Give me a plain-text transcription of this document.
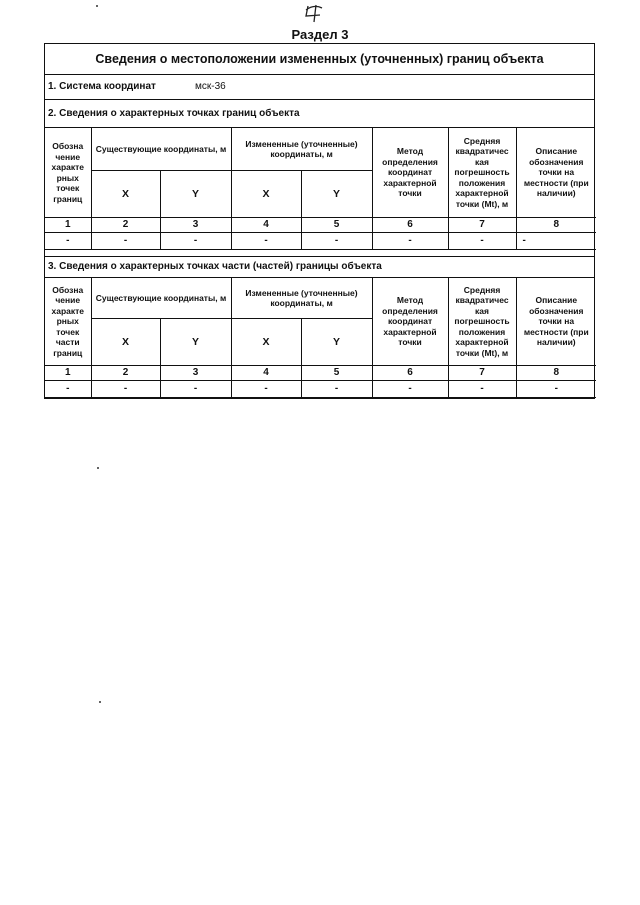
Раздел 3
Сведения о местоположении измененных (уточненных) границ объекта
1. Система координат	мск-36
2. Сведения о характерных точках границ объекта
Обозна чение характе рных точек границ	Существующие координаты, м		Измененные (уточненные) координаты, м		Метод определения координат характерной точки	Средняя квадратичес кая погрешность положения характерной точки (Mt), м	Описание обозначения точки на местности (при наличии)
	X	Y	X	Y			
1	2	3	4	5	6	7	8
-	-	-	-	-	-	-	-
3. Сведения о характерных точках части (частей) границы объекта
Обозна чение характе рных точек части границ	Существующие координаты, м		Измененные (уточненные) координаты, м		Метод определения координат характерной точки	Средняя квадратичес кая погрешность положения характерной точки (Mt), м	Описание обозначения точки на местности (при наличии)
	X	Y	X	Y			
1	2	3	4	5	6	7	8
-	-	-	-	-	-	-	-
